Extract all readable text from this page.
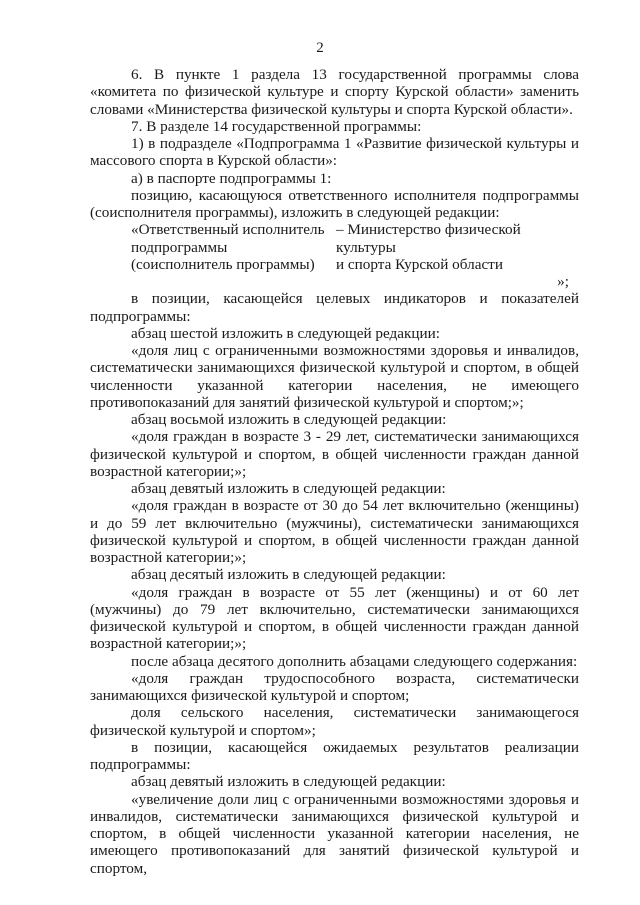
2

6. В пункте 1 раздела 13 государственной программы слова «комитета по физической культуре и спорту Курской области» заменить словами «Министерства физической культуры и спорта Курской области».

7. В разделе 14 государственной программы:

1) в подразделе «Подпрограмма 1 «Развитие физической культуры и массового спорта в Курской области»:

а) в паспорте подпрограммы 1:

позицию, касающуюся ответственного исполнителя подпрограммы (соисполнителя программы), изложить в следующей редакции:

«Ответственный исполнитель
подпрограммы
(соисполнитель программы)
– Министерство физической культуры
и спорта Курской области
»;

в позиции, касающейся целевых индикаторов и показателей подпрограммы:

абзац шестой изложить в следующей редакции:

«доля лиц с ограниченными возможностями здоровья и инвалидов, систематически занимающихся физической культурой и спортом, в общей численности указанной категории населения, не имеющего противопоказаний для занятий физической культурой и спортом;»;

абзац восьмой изложить в следующей редакции:

«доля граждан в возрасте 3 - 29 лет, систематически занимающихся физической культурой и спортом, в общей численности граждан данной возрастной категории;»;

абзац девятый изложить в следующей редакции:

«доля граждан в возрасте от 30 до 54 лет включительно (женщины) и до 59 лет включительно (мужчины), систематически занимающихся физической культурой и спортом, в общей численности граждан данной возрастной категории;»;

абзац десятый изложить в следующей редакции:

«доля граждан в возрасте от 55 лет (женщины) и от 60 лет (мужчины) до 79 лет включительно, систематически занимающихся физической культурой и спортом, в общей численности граждан данной возрастной категории;»;

после абзаца десятого дополнить абзацами следующего содержания:

«доля граждан трудоспособного возраста, систематически занимающихся физической культурой и спортом;

доля сельского населения, систематически занимающегося физической культурой и спортом»;

в позиции, касающейся ожидаемых результатов реализации подпрограммы:

абзац девятый изложить в следующей редакции:

«увеличение доли лиц с ограниченными возможностями здоровья и инвалидов, систематически занимающихся физической культурой и спортом, в общей численности указанной категории населения, не имеющего противопоказаний для занятий физической культурой и спортом,
